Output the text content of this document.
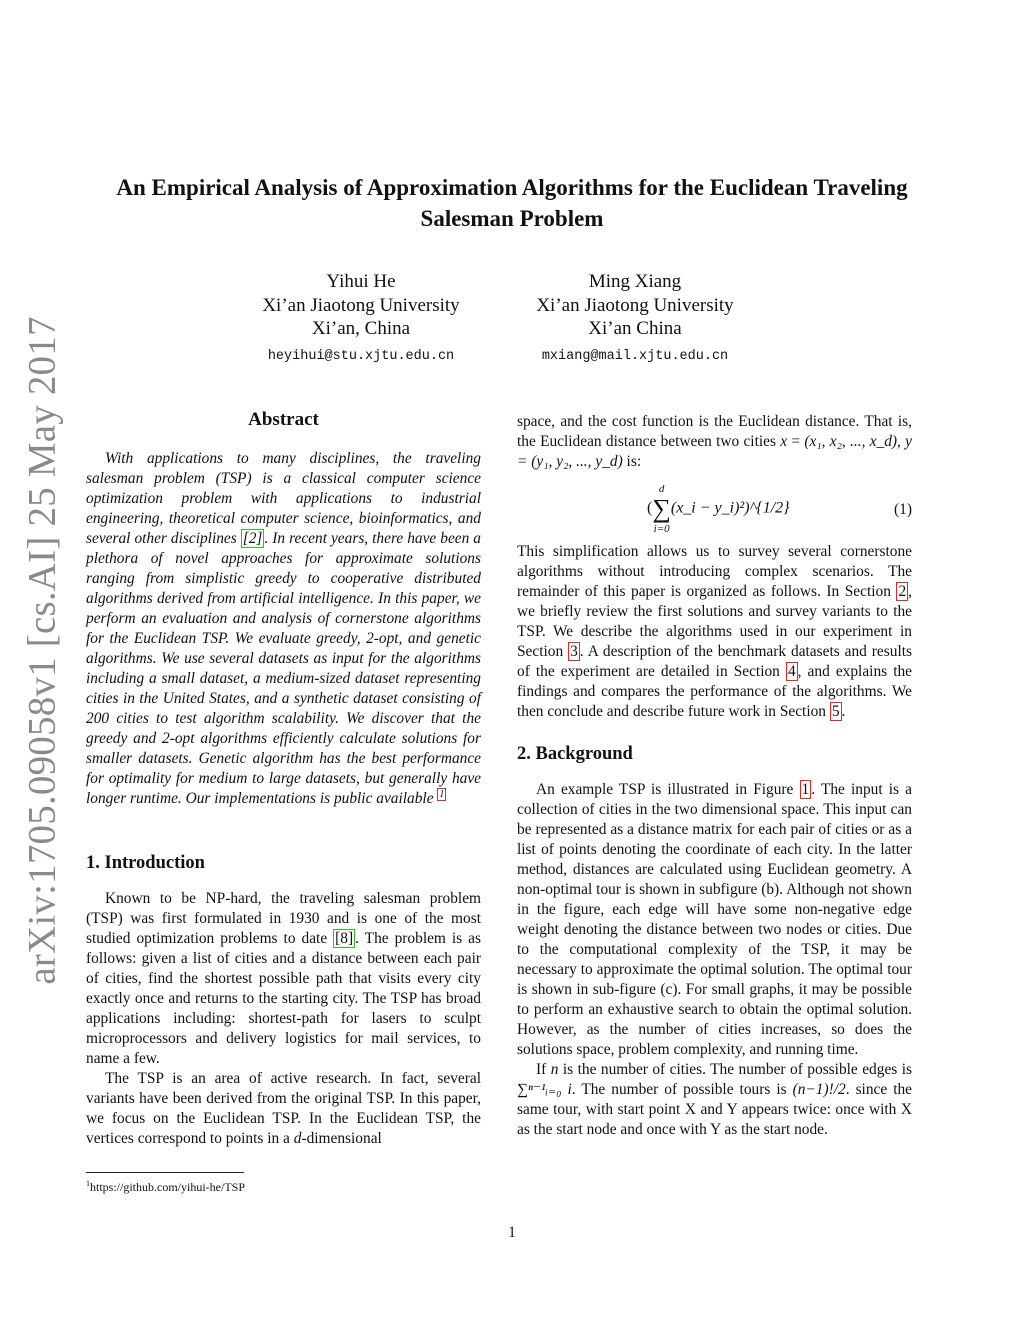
arXiv:1705.09058v1 [cs.AI] 25 May 2017
An Empirical Analysis of Approximation Algorithms for the Euclidean Traveling Salesman Problem
Yihui He
Xi’an Jiaotong University
Xi’an, China
heyihui@stu.xjtu.edu.cn
Ming Xiang
Xi’an Jiaotong University
Xi’an China
mxiang@mail.xjtu.edu.cn
Abstract

With applications to many disciplines, the traveling salesman problem (TSP) is a classical computer science optimization problem with applications to industrial engineering, theoretical computer science, bioinformatics, and several other disciplines [2] . In recent years, there have been a plethora of novel approaches for approximate solutions ranging from simplistic greedy to cooperative distributed algorithms derived from artificial intelligence. In this paper, we perform an evaluation and analysis of cornerstone algorithms for the Euclidean TSP. We evaluate greedy, 2-opt, and genetic algorithms. We use several datasets as input for the algorithms including a small dataset, a medium-sized dataset representing cities in the United States, and a synthetic dataset consisting of 200 cities to test algorithm scalability. We discover that the greedy and 2-opt algorithms efficiently calculate solutions for smaller datasets. Genetic algorithm has the best performance for optimality for medium to large datasets, but generally have longer runtime. Our implementations is public available $^1$

1. Introduction

Known to be NP-hard, the traveling salesman problem (TSP) was first formulated in 1930 and is one of the most studied optimization problems to date [8] . The problem is as follows: given a list of cities and a distance between each pair of cities, find the shortest possible path that visits every city exactly once and returns to the starting city. The TSP has broad applications including: shortest-path for lasers to sculpt microprocessors and delivery logistics for mail services, to name a few.

The TSP is an area of active research. In fact, several variants have been derived from the original TSP. In this paper, we focus on the Euclidean TSP. In the Euclidean TSP, the vertices correspond to points in a d-dimensional

space, and the cost function is the Euclidean distance. That is, the Euclidean distance between two cities x = (x₁, x₂, ..., x_d), y = (y₁, y₂, ..., y_d) is:

(
d
∑
i=0
(x_i − y_i)²)^{1/2}	(1)

This simplification allows us to survey several cornerstone algorithms without introducing complex scenarios. The remainder of this paper is organized as follows. In Section 2 , we briefly review the first solutions and survey variants to the TSP. We describe the algorithms used in our experiment in Section 3 . A description of the benchmark datasets and results of the experiment are detailed in Section 4 , and explains the findings and compares the performance of the algorithms. We then conclude and describe future work in Section 5 .

2. Background

An example TSP is illustrated in Figure 1 . The input is a collection of cities in the two dimensional space. This input can be represented as a distance matrix for each pair of cities or as a list of points denoting the coordinate of each city. In the latter method, distances are calculated using Euclidean geometry. A non-optimal tour is shown in subfigure (b). Although not shown in the figure, each edge will have some non-negative edge weight denoting the distance between two nodes or cities. Due to the computational complexity of the TSP, it may be necessary to approximate the optimal solution. The optimal tour is shown in sub-figure (c). For small graphs, it may be possible to perform an exhaustive search to obtain the optimal solution. However, as the number of cities increases, so does the solutions space, problem complexity, and running time.

If n is the number of cities. The number of possible edges is ∑ⁿ⁻¹ᵢ₌₀ i. The number of possible tours is (n−1)!/2. since the same tour, with start point X and Y appears twice: once with X as the start node and once with Y as the start node.

$^1$https://github.com/yihui-he/TSP
1
